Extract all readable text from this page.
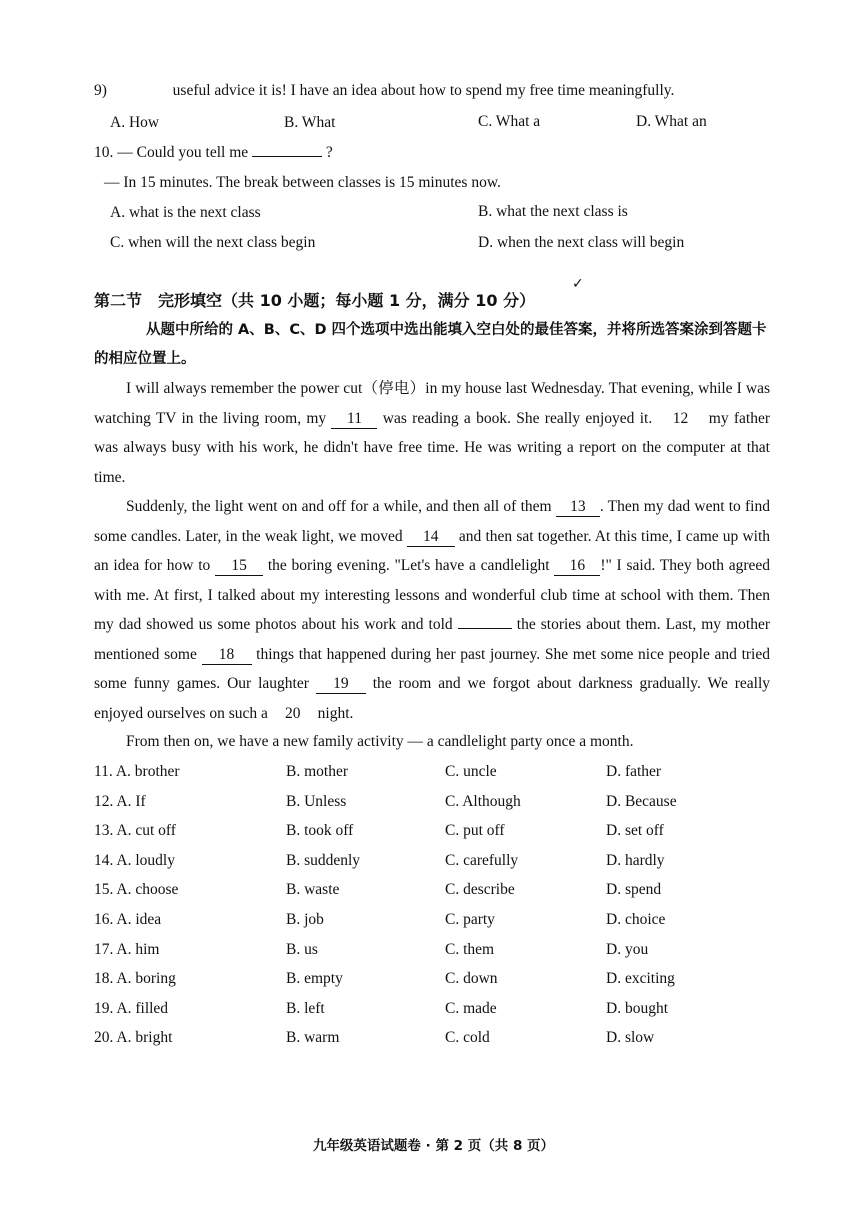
9)	useful advice it is! I have an idea about how to spend my free time meaningfully.
A. How	B. What	C. What a	D. What an
10. — Could you tell me	?
— In 15 minutes. The break between classes is 15 minutes now.
A. what is the next class	B. what the next class is
C. when will the next class begin	D. when the next class will begin
第二节　完形填空（共 10 小题；每小题 1 分，满分 10 分）
✓
从题中所给的 A、B、C、D 四个选项中选出能填入空白处的最佳答案，并将所选答案涂到答题卡的相应位置上。
I will always remember the power cut（停电）in my house last Wednesday. That evening, while I was watching TV in the living room, my 11 was reading a book. She really enjoyed it. 12 my father was always busy with his work, he didn't have free time. He was writing a report on the computer at that time.
Suddenly, the light went on and off for a while, and then all of them 13 . Then my dad went to find some candles. Later, in the weak light, we moved 14 and then sat together. At this time, I came up with an idea for how to 15 the boring evening. "Let's have a candlelight 16 !" I said. They both agreed with me. At first, I talked about my interesting lessons and wonderful club time at school with them. Then my dad showed us some photos about his work and told	the stories about them. Last, my mother mentioned some 18 things that happened during her past journey. She met some nice people and tried some funny games. Our laughter 19 the room and we forgot about darkness gradually. We really enjoyed ourselves on such a 20 night.
From then on, we have a new family activity — a candlelight party once a month.
11. A. brother	B. mother	C. uncle	D. father
12. A. If	B. Unless	C. Although	D. Because
13. A. cut off	B. took off	C. put off	D. set off
14. A. loudly	B. suddenly	C. carefully	D. hardly
15. A. choose	B. waste	C. describe	D. spend
16. A. idea	B. job	C. party	D. choice
17. A. him	B. us	C. them	D. you
18. A. boring	B. empty	C. down	D. exciting
19. A. filled	B. left	C. made	D. bought
20. A. bright	B. warm	C. cold	D. slow
九年级英语试题卷 · 第 2 页（共 8 页）
